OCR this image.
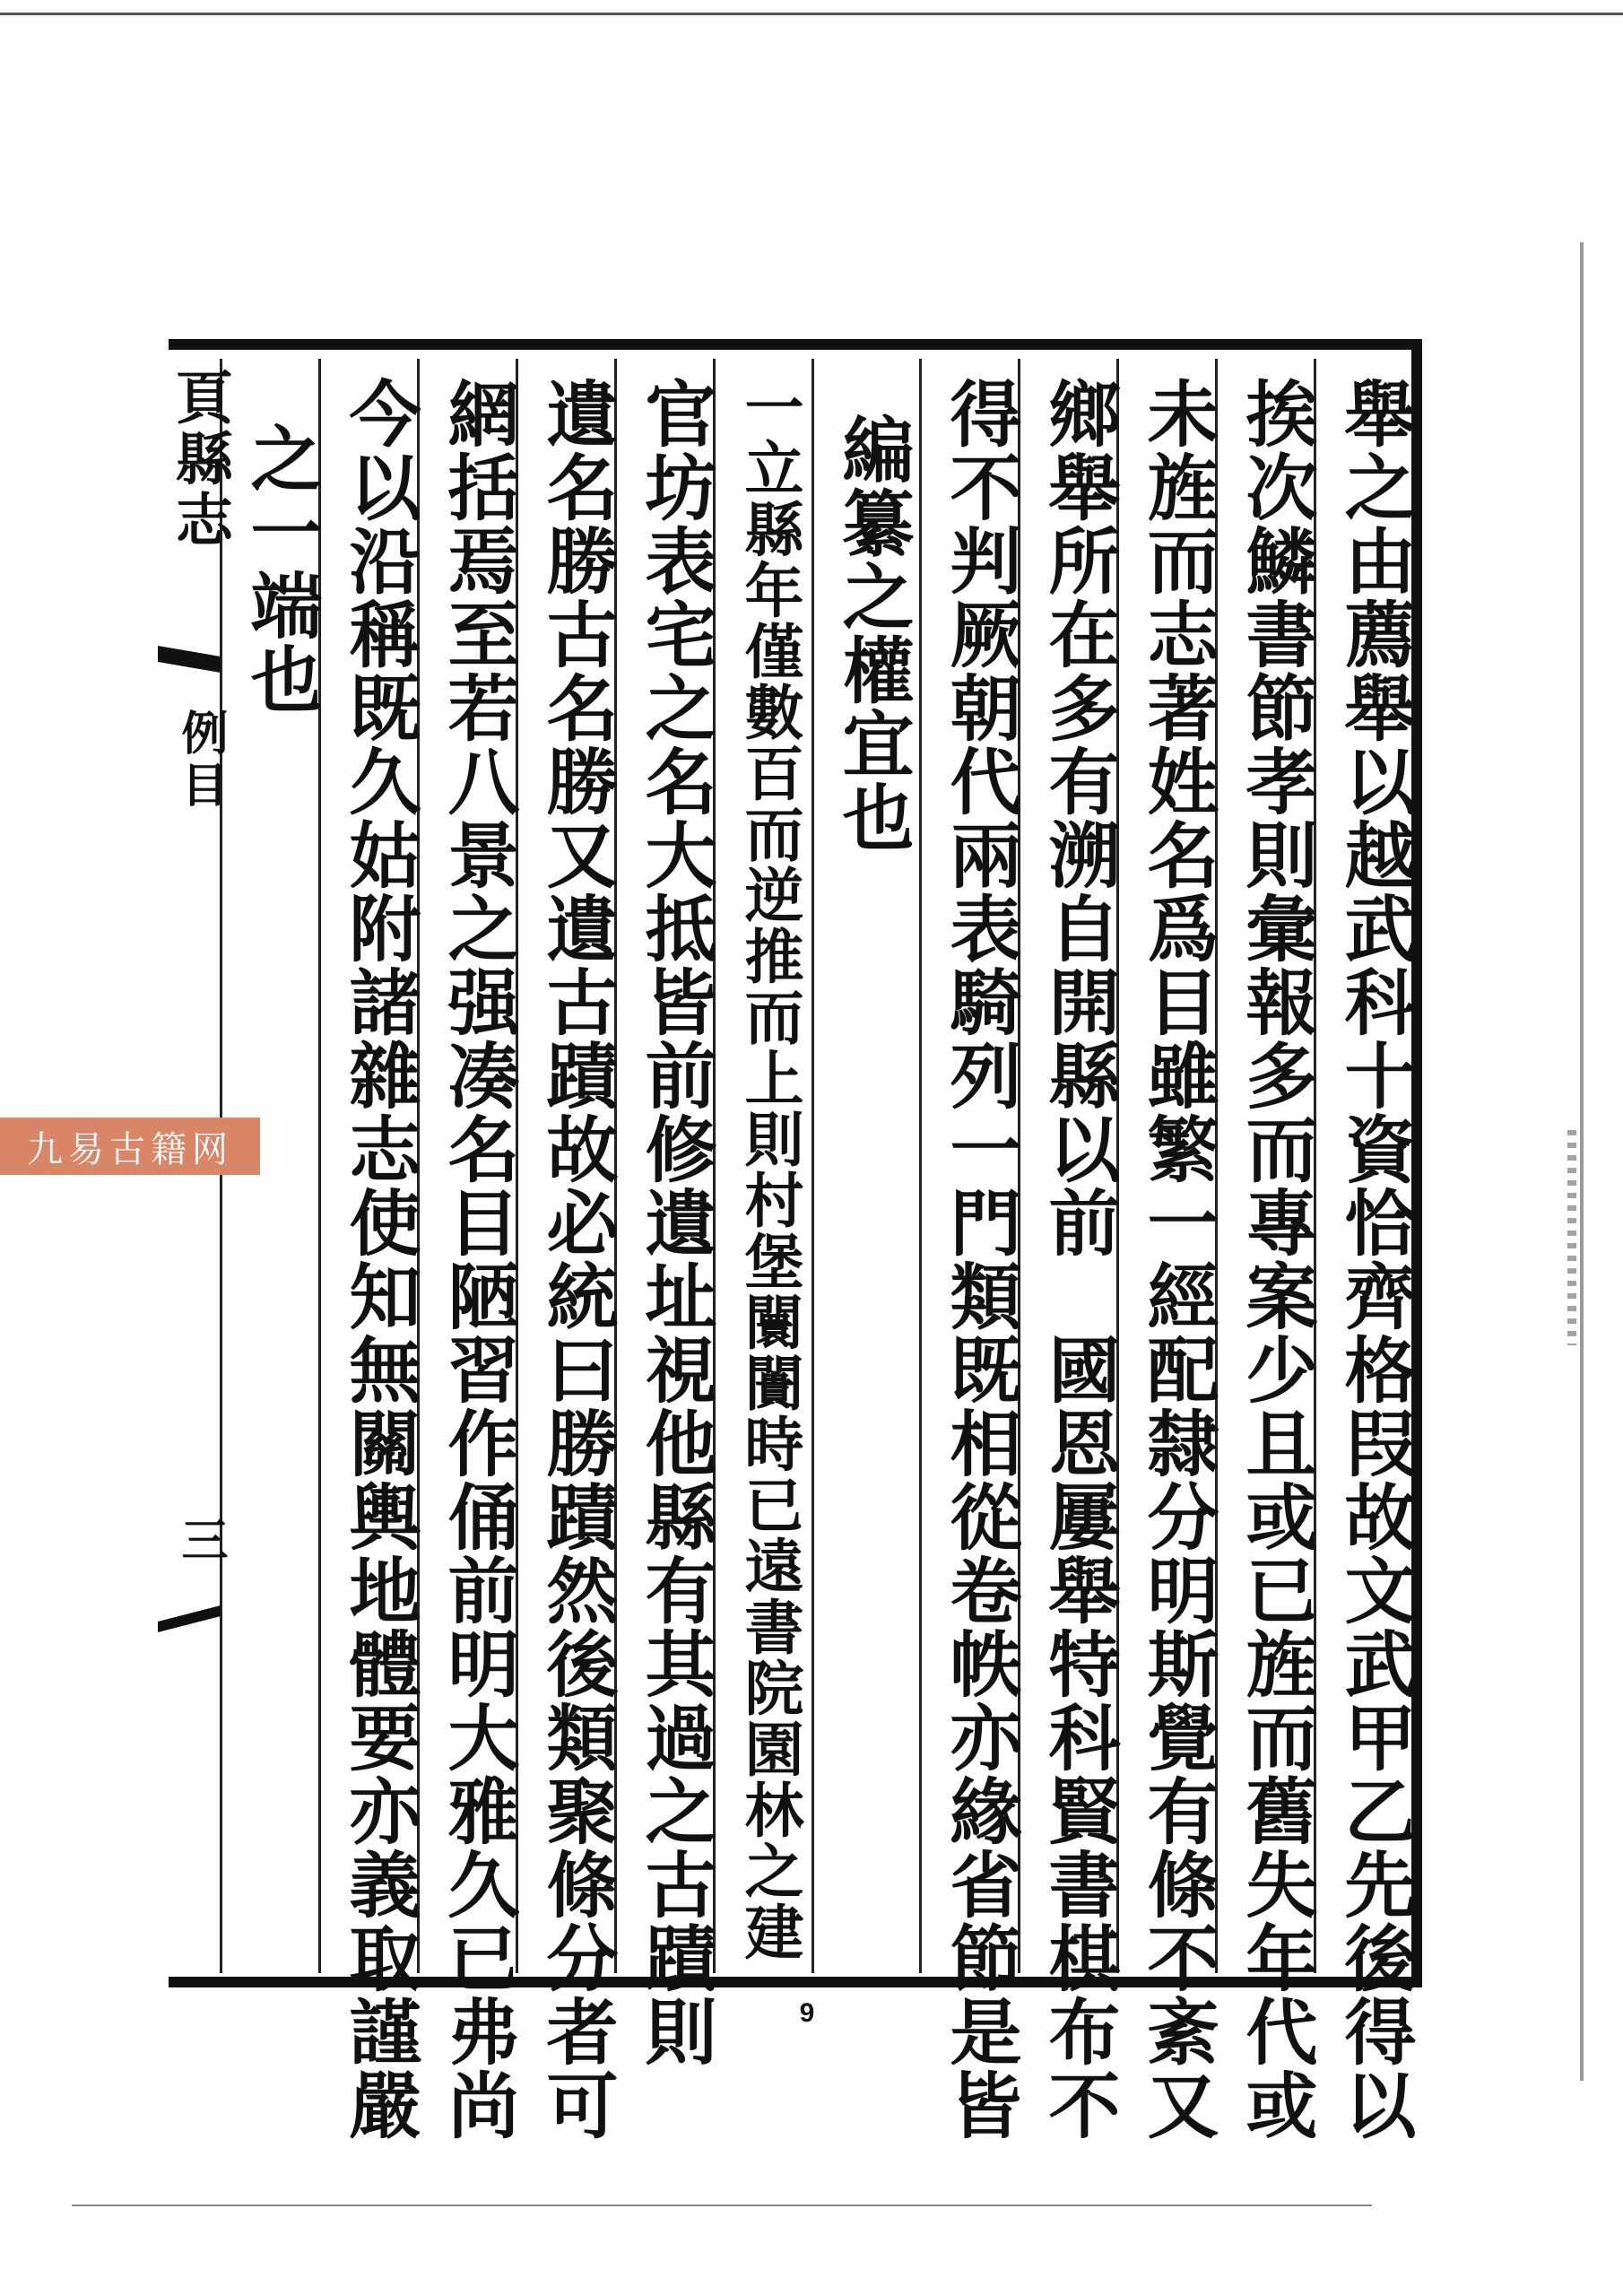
舉之由薦舉以越武科十資恰齊格叚故文武甲乙先後得以
挨次鱗書節孝則彙報多而專案少且或已旌而舊失年代或
未旌而志著姓名爲目雖繁一經配隸分明斯覺有條不紊又
鄉舉所在多有溯自開縣以前　國恩屢舉特科賢書棋布不
得不判厥朝代兩表騎列一門類既相從卷帙亦緣省節是皆
編纂之權宜也
一立縣年僅數百而逆推而上則村堡闤闠時已遠書院園林之建
官坊表宅之名大抵皆前修遺址視他縣有其過之古蹟則
遺名勝古名勝又遺古蹟故必統曰勝蹟然後類聚條分者可
網括焉至若八景之强凑名目陋習作俑前明大雅久已弗尚
今以沿稱既久姑附諸雜志使知無關輿地體要亦義取謹嚴
之一端也
頁縣志
例目
三
9
九易古籍网
